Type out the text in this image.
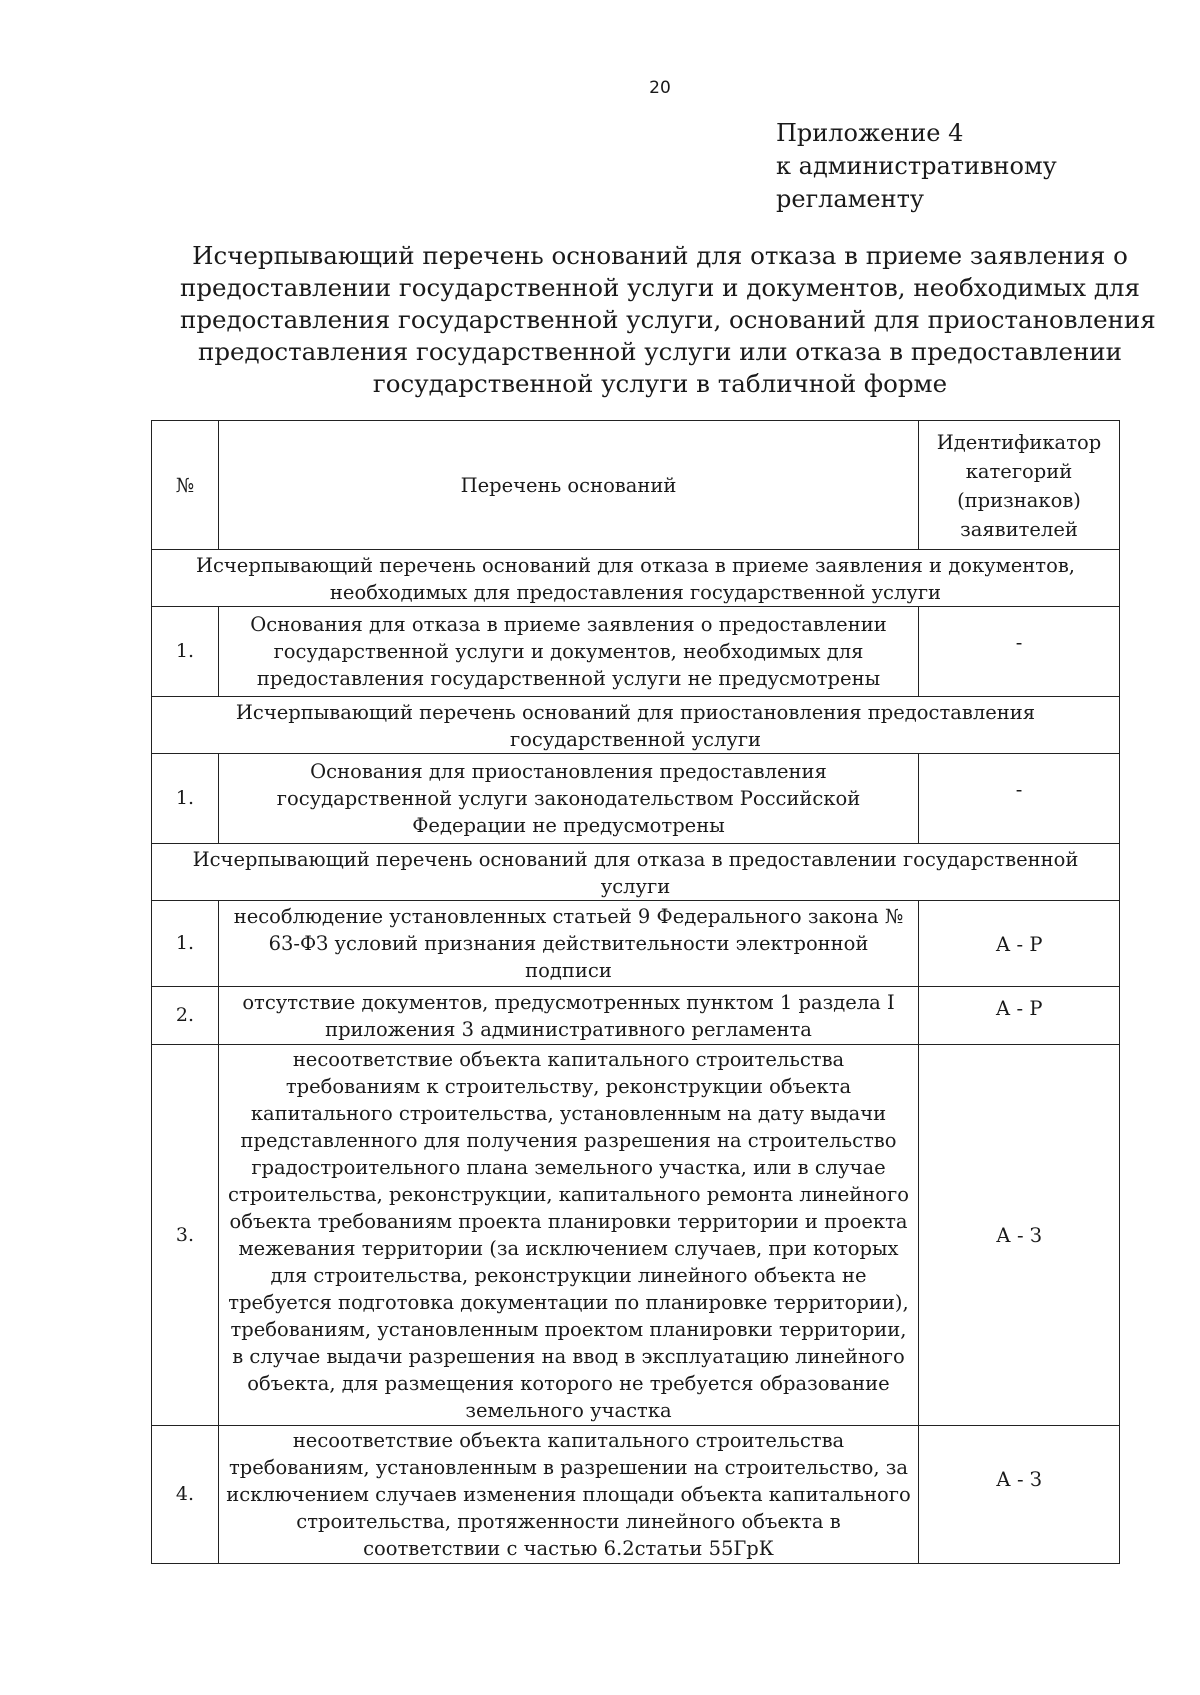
20
Приложение 4
к административному
регламенту
Исчерпывающий перечень оснований для отказа в приеме заявления о
предоставлении государственной услуги и документов, необходимых для
предоставления государственной услуги, оснований для приостановления
предоставления государственной услуги или отказа в предоставлении
государственной услуги в табличной форме
№	Перечень оснований	Идентификатор категорий (признаков) заявителей
Исчерпывающий перечень оснований для отказа в приеме заявления и документов, необходимых для предоставления государственной услуги		
1.	Основания для отказа в приеме заявления о предоставлении государственной услуги и документов, необходимых для предоставления государственной услуги не предусмотрены	-
Исчерпывающий перечень оснований для приостановления предоставления государственной услуги		
1.	Основания для приостановления предоставления государственной услуги законодательством Российской Федерации не предусмотрены	-
Исчерпывающий перечень оснований для отказа в предоставлении государственной услуги		
1.	несоблюдение установленных статьей 9 Федерального закона № 63-ФЗ условий признания действительности электронной подписи	А - Р
2.	отсутствие документов, предусмотренных пунктом 1 раздела I приложения 3 административного регламента	А - Р
3.	несоответствие объекта капитального строительства требованиям к строительству, реконструкции объекта капитального строительства, установленным на дату выдачи представленного для получения разрешения на строительство градостроительного плана земельного участка, или в случае строительства, реконструкции, капитального ремонта линейного объекта требованиям проекта планировки территории и проекта межевания территории (за исключением случаев, при которых для строительства, реконструкции линейного объекта не требуется подготовка документации по планировке территории), требованиям, установленным проектом планировки территории, в случае выдачи разрешения на ввод в эксплуатацию линейного объекта, для размещения которого не требуется образование земельного участка	А - З
4.	несоответствие объекта капитального строительства требованиям, установленным в разрешении на строительство, за исключением случаев изменения площади объекта капитального строительства, протяженности линейного объекта в соответствии с частью 6.2статьи 55ГрК	А - З
